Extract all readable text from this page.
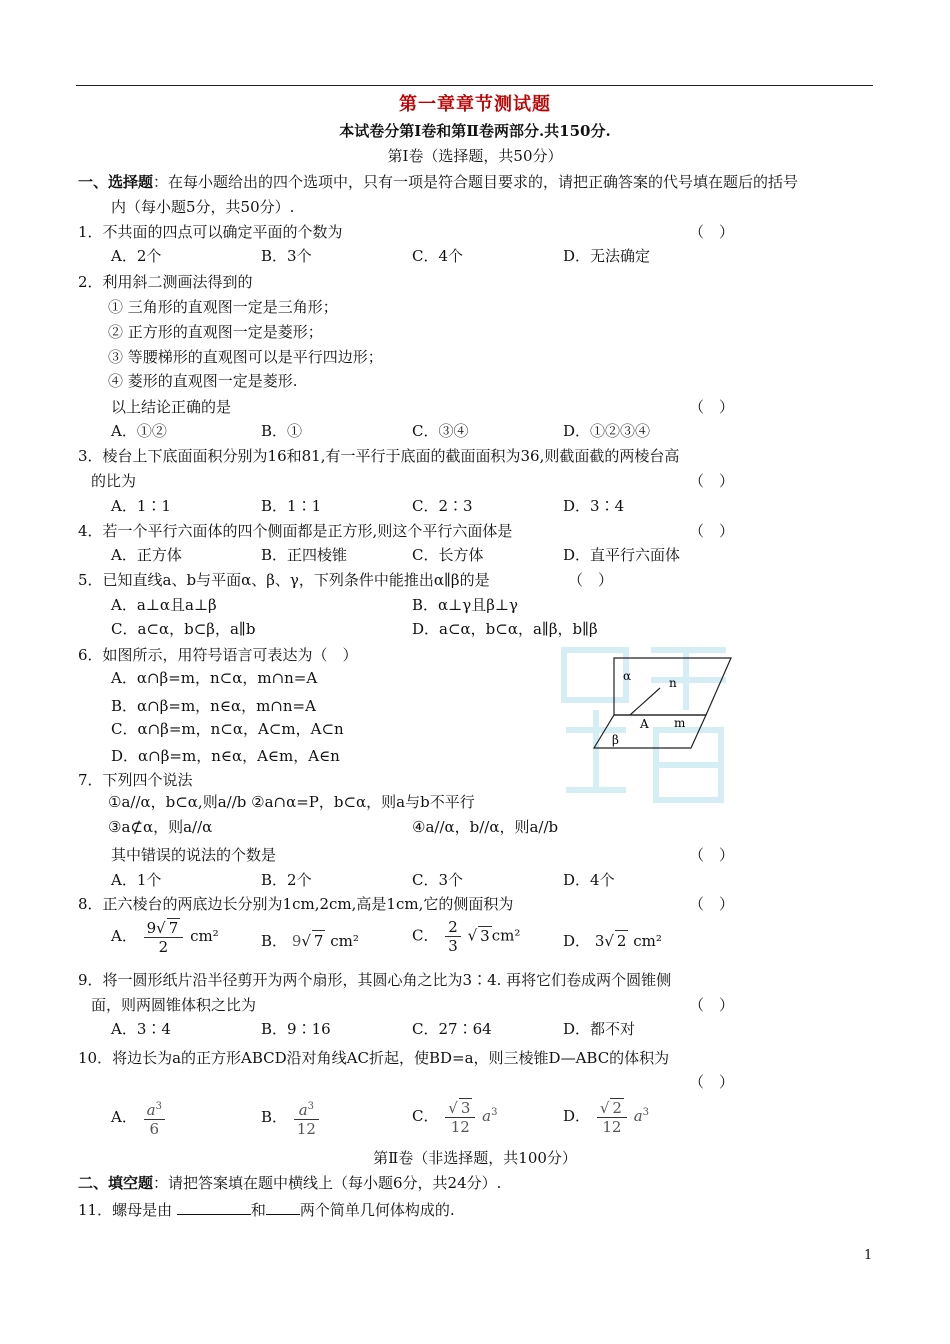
第一章章节测试题
本试卷分第Ⅰ卷和第Ⅱ卷两部分.共150分.
第Ⅰ卷（选择题，共50分）
一、选择题：在每小题给出的四个选项中，只有一项是符合题目要求的，请把正确答案的代号填在题后的括号
内（每小题5分，共50分）.
1．不共面的四点可以确定平面的个数为	（　）
A．2个	B．3个	C．4个	D．无法确定
2．利用斜二测画法得到的
① 三角形的直观图一定是三角形；
② 正方形的直观图一定是菱形；
③ 等腰梯形的直观图可以是平行四边形；
④ 菱形的直观图一定是菱形.
以上结论正确的是	（　）
A．①②	B．①	C．③④	D．①②③④
3．棱台上下底面面积分别为16和81,有一平行于底面的截面面积为36,则截面截的两棱台高
的比为	（　）
A．1∶1	B．1∶1	C．2∶3	D．3∶4
4．若一个平行六面体的四个侧面都是正方形,则这个平行六面体是	（　）
A．正方体	B．正四棱锥	C．长方体	D．直平行六面体
5．已知直线a、b与平面α、β、γ，下列条件中能推出α∥β的是	（　）
A．a⊥α且a⊥β	B．α⊥γ且β⊥γ
C．a⊂α，b⊂β，a∥b	D．a⊂α，b⊂α，a∥β，b∥β
6．如图所示，用符号语言可表达为（　）
A．α∩β=m，n⊂α，m∩n=A
B．α∩β=m，n∈α，m∩n=A
C．α∩β=m，n⊂α，A⊂m，A⊂n
D．α∩β=m，n∈α，A∈m，A∈n
α	n
A m
β
7．下列四个说法
①a//α，b⊂α,则a//b ②a∩α=P，b⊂α，则a与b不平行
③a⊄α，则a//α	④a//α，b//α，则a//b
其中错误的说法的个数是	（　）
A．1个	B．2个	C．3个	D．4个
8．正六棱台的两底边长分别为1cm,2cm,高是1cm,它的侧面积为	（　）
A． $\frac{9√ 7}{2} cm^2$	B． 9√ 7 cm²	C． $\frac{2}{3}$ √ 3 cm²	D． 3√ 2 cm²
9．将一圆形纸片沿半径剪开为两个扇形，其圆心角之比为3∶4. 再将它们卷成两个圆锥侧
面，则两圆锥体积之比为	（　）
A．3∶4	B．9∶16	C．27∶64	D．都不对
10．将边长为a的正方形ABCD沿对角线AC折起，使BD=a，则三棱锥D—ABC的体积为
（　）
A． $\frac{a^3}{6}$	B． $\frac{a^3}{12}$	C． $\frac{√ 3}{12} a^3$	D． $\frac{√ 2}{12} a^3$
第Ⅱ卷（非选择题，共100分）
二、填空题：请把答案填在题中横线上（每小题6分，共24分）.
11．螺母是由	和 两个简单几何体构成的.
1
